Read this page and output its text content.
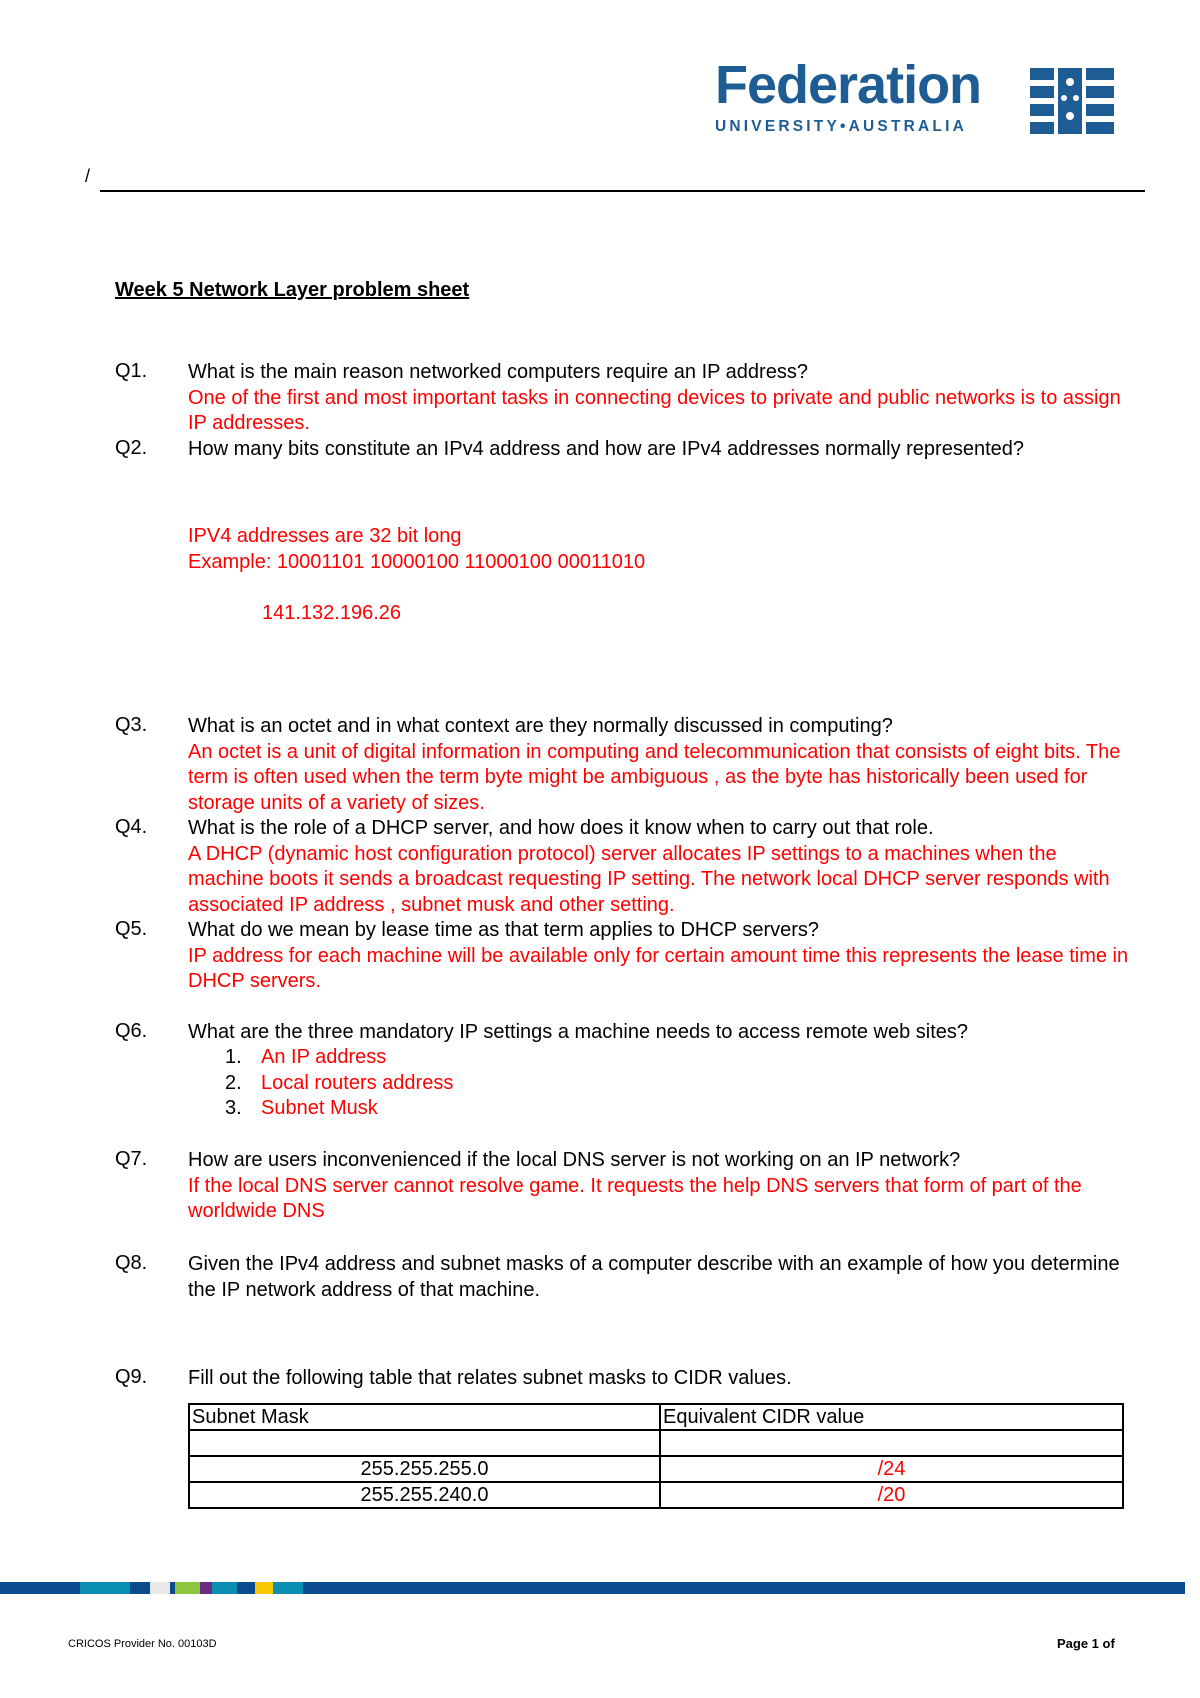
Federation
UNIVERSITY•AUSTRALIA
/
Week 5 Network Layer problem sheet
Q1. What is the main reason networked computers require an IP address?
One of the first and most important tasks in connecting devices to private and public networks is to assign IP addresses.
Q2. How many bits constitute an IPv4 address and how are IPv4 addresses normally represented?
IPV4 addresses are 32 bit long
Example: 10001101 10000100 11000100 00011010
141.132.196.26
Q3. What is an octet and in what context are they normally discussed in computing?
An octet is a unit of digital information in computing and telecommunication that consists of eight bits. The term is often used when the term byte might be ambiguous , as the byte has historically been used for storage units of a variety of sizes.
Q4. What is the role of a DHCP server, and how does it know when to carry out that role.
A DHCP (dynamic host configuration protocol) server allocates IP settings to a machines when the machine boots it sends a broadcast requesting IP setting. The network local DHCP server responds with associated IP address , subnet musk and other setting.
Q5. What do we mean by lease time as that term applies to DHCP servers?
IP address for each machine will be available only for certain amount time this represents the lease time in DHCP servers.
Q6. What are the three mandatory IP settings a machine needs to access remote web sites?
1. An IP address
2. Local routers address
3. Subnet Musk
Q7. How are users inconvenienced if the local DNS server is not working on an IP network?
If the local DNS server cannot resolve game. It requests the help DNS servers that form of part of the worldwide DNS
Q8. Given the IPv4 address and subnet masks of a computer describe with an example of how you determine the IP network address of that machine.
Q9. Fill out the following table that relates subnet masks to CIDR values.
Subnet Mask	Equivalent CIDR value

255.255.255.0	/24
255.255.240.0	/20
CRICOS Provider No. 00103D	Page 1 of
